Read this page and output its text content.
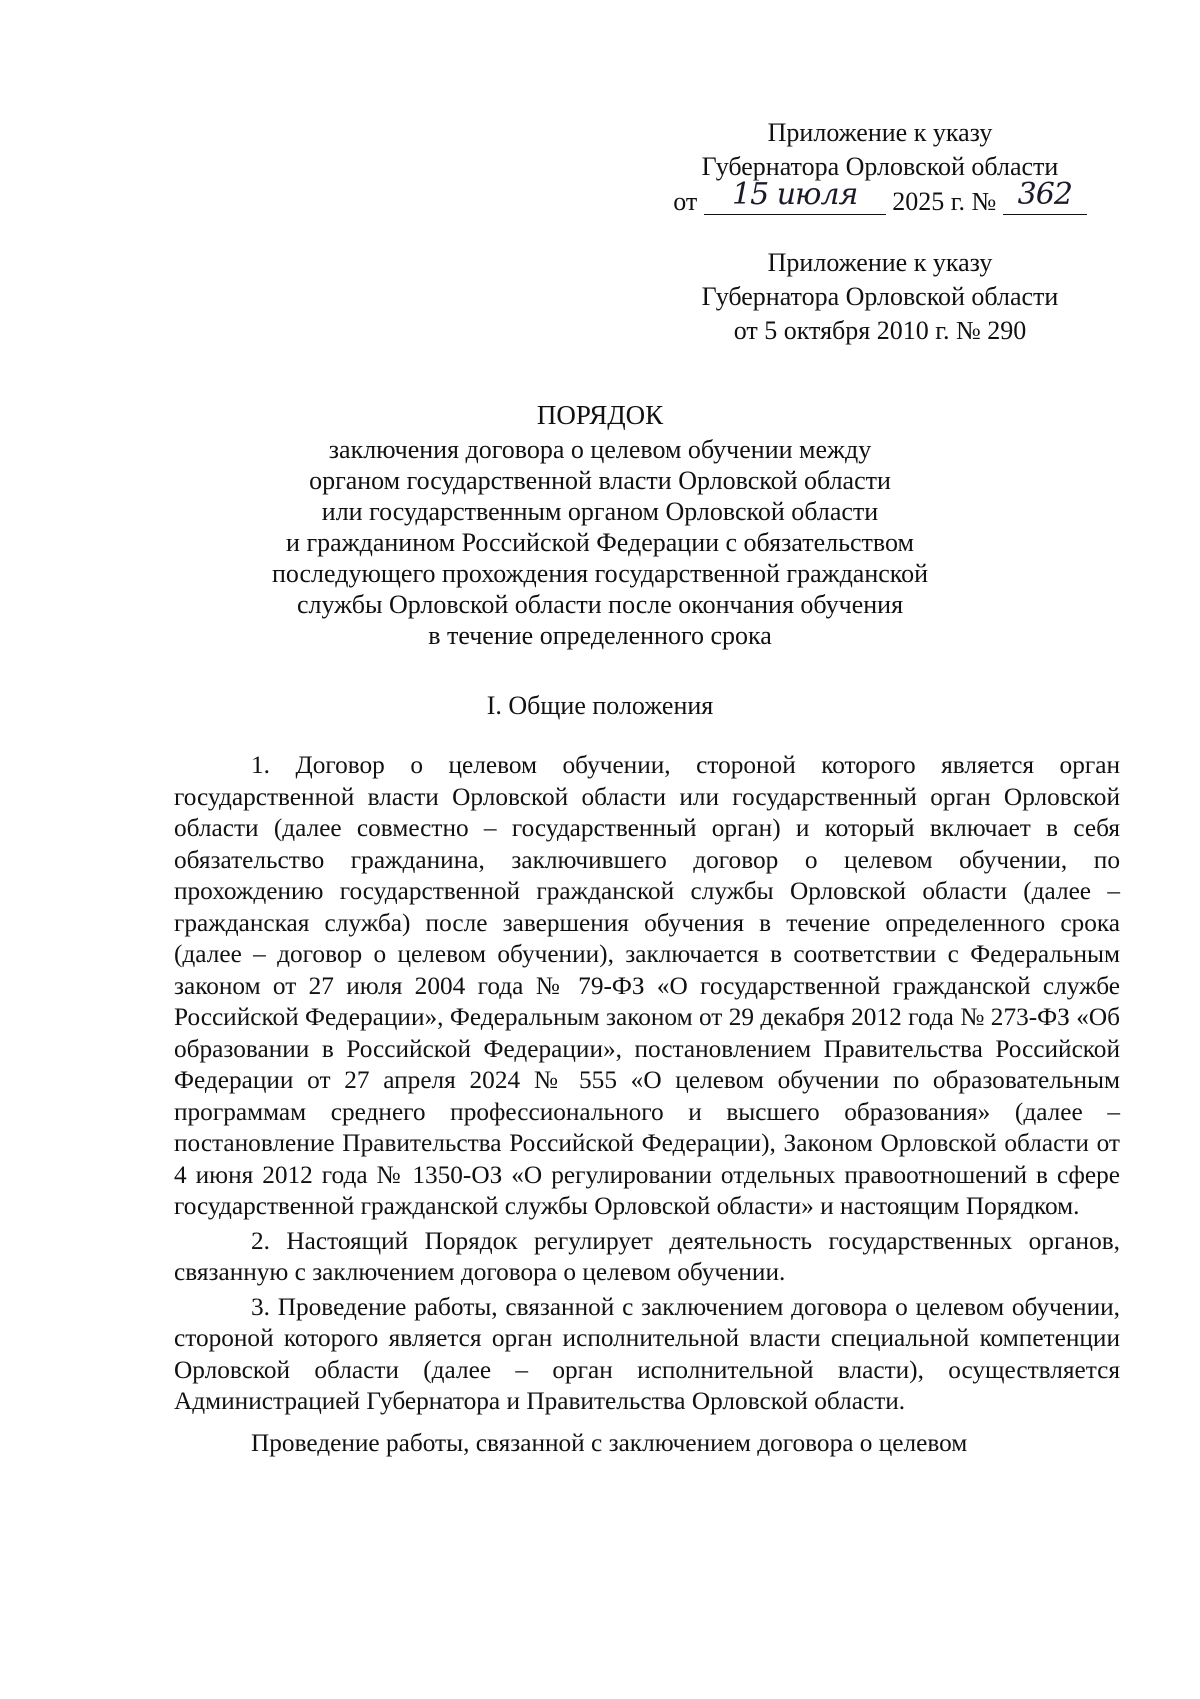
Приложение к указу
Губернатора Орловской области
от 15 июля 2025 г. № 362
Приложение к указу
Губернатора Орловской области
от 5 октября 2010 г. № 290
ПОРЯДОК
заключения договора о целевом обучении между
органом государственной власти Орловской области
или государственным органом Орловской области
и гражданином Российской Федерации с обязательством
последующего прохождения государственной гражданской
службы Орловской области после окончания обучения
в течение определенного срока
I. Общие положения

1. Договор о целевом обучении, стороной которого является орган государственной власти Орловской области или государственный орган Орловской области (далее совместно – государственный орган) и который включает в себя обязательство гражданина, заключившего договор о целевом обучении, по прохождению государственной гражданской службы Орловской области (далее – гражданская служба) после завершения обучения в течение определенного срока (далее – договор о целевом обучении), заключается в соответствии с Федеральным законом от 27 июля 2004 года № 79-ФЗ «О государственной гражданской службе Российской Федерации», Федеральным законом от 29 декабря 2012 года № 273-ФЗ «Об образовании в Российской Федерации», постановлением Правительства Российской Федерации от 27 апреля 2024 № 555 «О целевом обучении по образовательным программам среднего профессионального и высшего образования» (далее – постановление Правительства Российской Федерации), Законом Орловской области от 4 июня 2012 года № 1350-ОЗ «О регулировании отдельных правоотношений в сфере государственной гражданской службы Орловской области» и настоящим Порядком.

2. Настоящий Порядок регулирует деятельность государственных органов, связанную с заключением договора о целевом обучении.

3. Проведение работы, связанной с заключением договора о целевом обучении, стороной которого является орган исполнительной власти специальной компетенции Орловской области (далее – орган исполнительной власти), осуществляется Администрацией Губернатора и Правительства Орловской области.

Проведение работы, связанной с заключением договора о целевом
